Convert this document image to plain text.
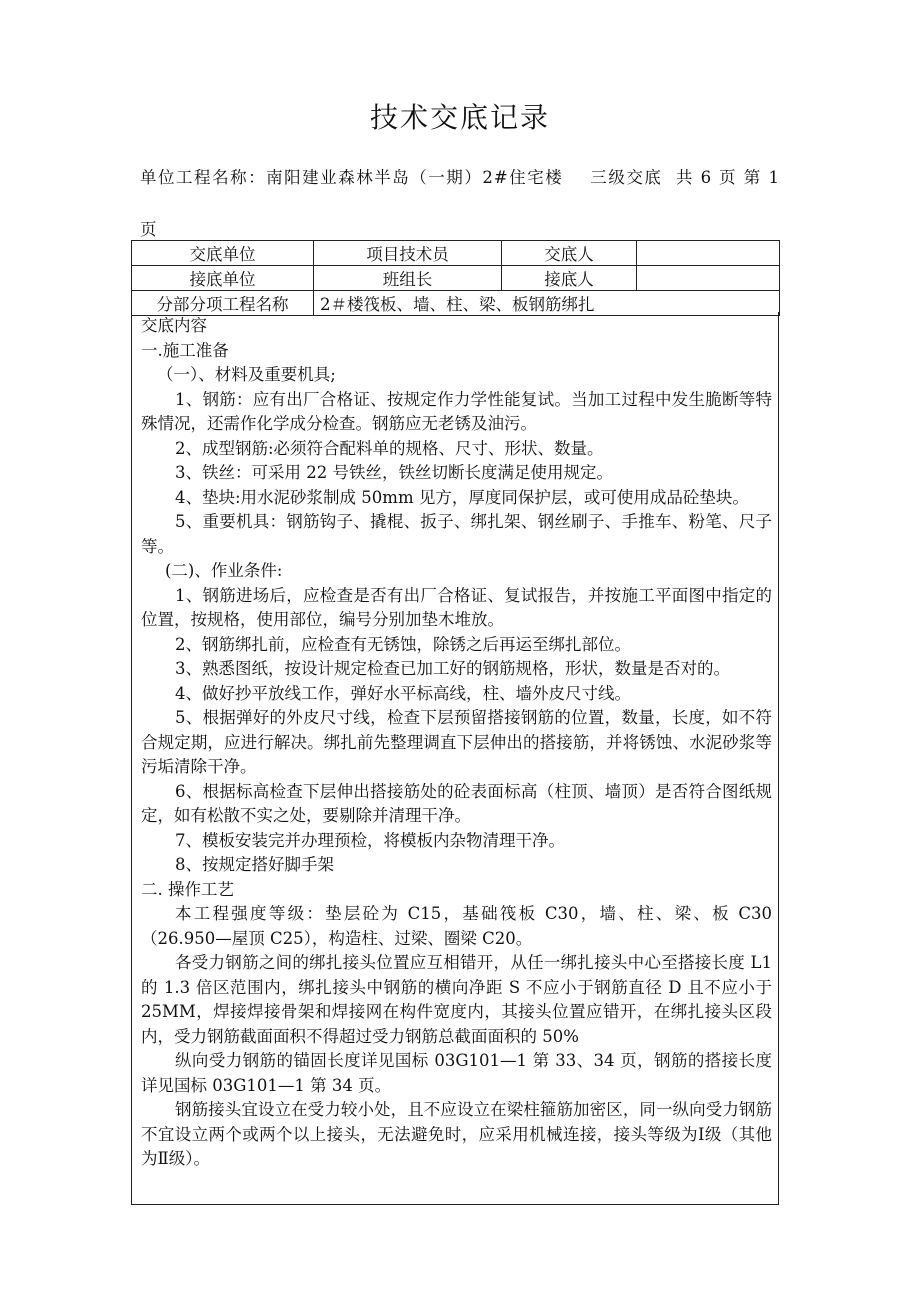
技术交底记录
单位工程名称：南阳建业森林半岛（一期）2#住宅楼 三级交底 共 6 页 第 1 页
交底单位	项目技术员	交底人	
接底单位	班组长	接底人	
分部分项工程名称	2＃楼筏板、墙、柱、梁、板钢筋绑扎		

交底内容

一.施工准备

（一）、材料及重要机具;

1、钢筋：应有出厂合格证、按规定作力学性能复试。当加工过程中发生脆断等特殊情况，还需作化学成分检查。钢筋应无老锈及油污。

2、成型钢筋:必须符合配料单的规格、尺寸、形状、数量。

3、铁丝：可采用 22 号铁丝，铁丝切断长度满足使用规定。

4、垫块:用水泥砂浆制成 50mm 见方，厚度同保护层，或可使用成品砼垫块。

5、重要机具：钢筋钩子、撬棍、扳子、绑扎架、钢丝刷子、手推车、粉笔、尺子等。

(二)、作业条件:

1、钢筋进场后，应检查是否有出厂合格证、复试报告，并按施工平面图中指定的位置，按规格，使用部位，编号分别加垫木堆放。

2、钢筋绑扎前，应检查有无锈蚀，除锈之后再运至绑扎部位。

3、熟悉图纸，按设计规定检查已加工好的钢筋规格，形状，数量是否对的。

4、做好抄平放线工作，弹好水平标高线，柱、墙外皮尺寸线。

5、根据弹好的外皮尺寸线，检查下层预留搭接钢筋的位置，数量，长度，如不符合规定期，应进行解决。绑扎前先整理调直下层伸出的搭接筋，并将锈蚀、水泥砂浆等污垢清除干净。

6、根据标高检查下层伸出搭接筋处的砼表面标高（柱顶、墙顶）是否符合图纸规定，如有松散不实之处，要剔除并清理干净。

7、模板安装完并办理预检，将模板内杂物清理干净。

8、按规定搭好脚手架

二. 操作工艺

本工程强度等级：垫层砼为 C15，基础筏板 C30，墙、柱、梁、板 C30（26.950—屋顶 C25），构造柱、过梁、圈梁 C20。

各受力钢筋之间的绑扎接头位置应互相错开，从任一绑扎接头中心至搭接长度 L1 的 1.3 倍区范围内，绑扎接头中钢筋的横向净距 S 不应小于钢筋直径 D 且不应小于 25MM，焊接焊接骨架和焊接网在构件宽度内，其接头位置应错开，在绑扎接头区段内，受力钢筋截面面积不得超过受力钢筋总截面面积的 50%

纵向受力钢筋的锚固长度详见国标 03G101—1 第 33、34 页，钢筋的搭接长度详见国标 03G101—1 第 34 页。

钢筋接头宜设立在受力较小处，且不应设立在梁柱箍筋加密区，同一纵向受力钢筋不宜设立两个或两个以上接头，无法避免时，应采用机械连接，接头等级为Ⅰ级（其他为Ⅱ级）。
